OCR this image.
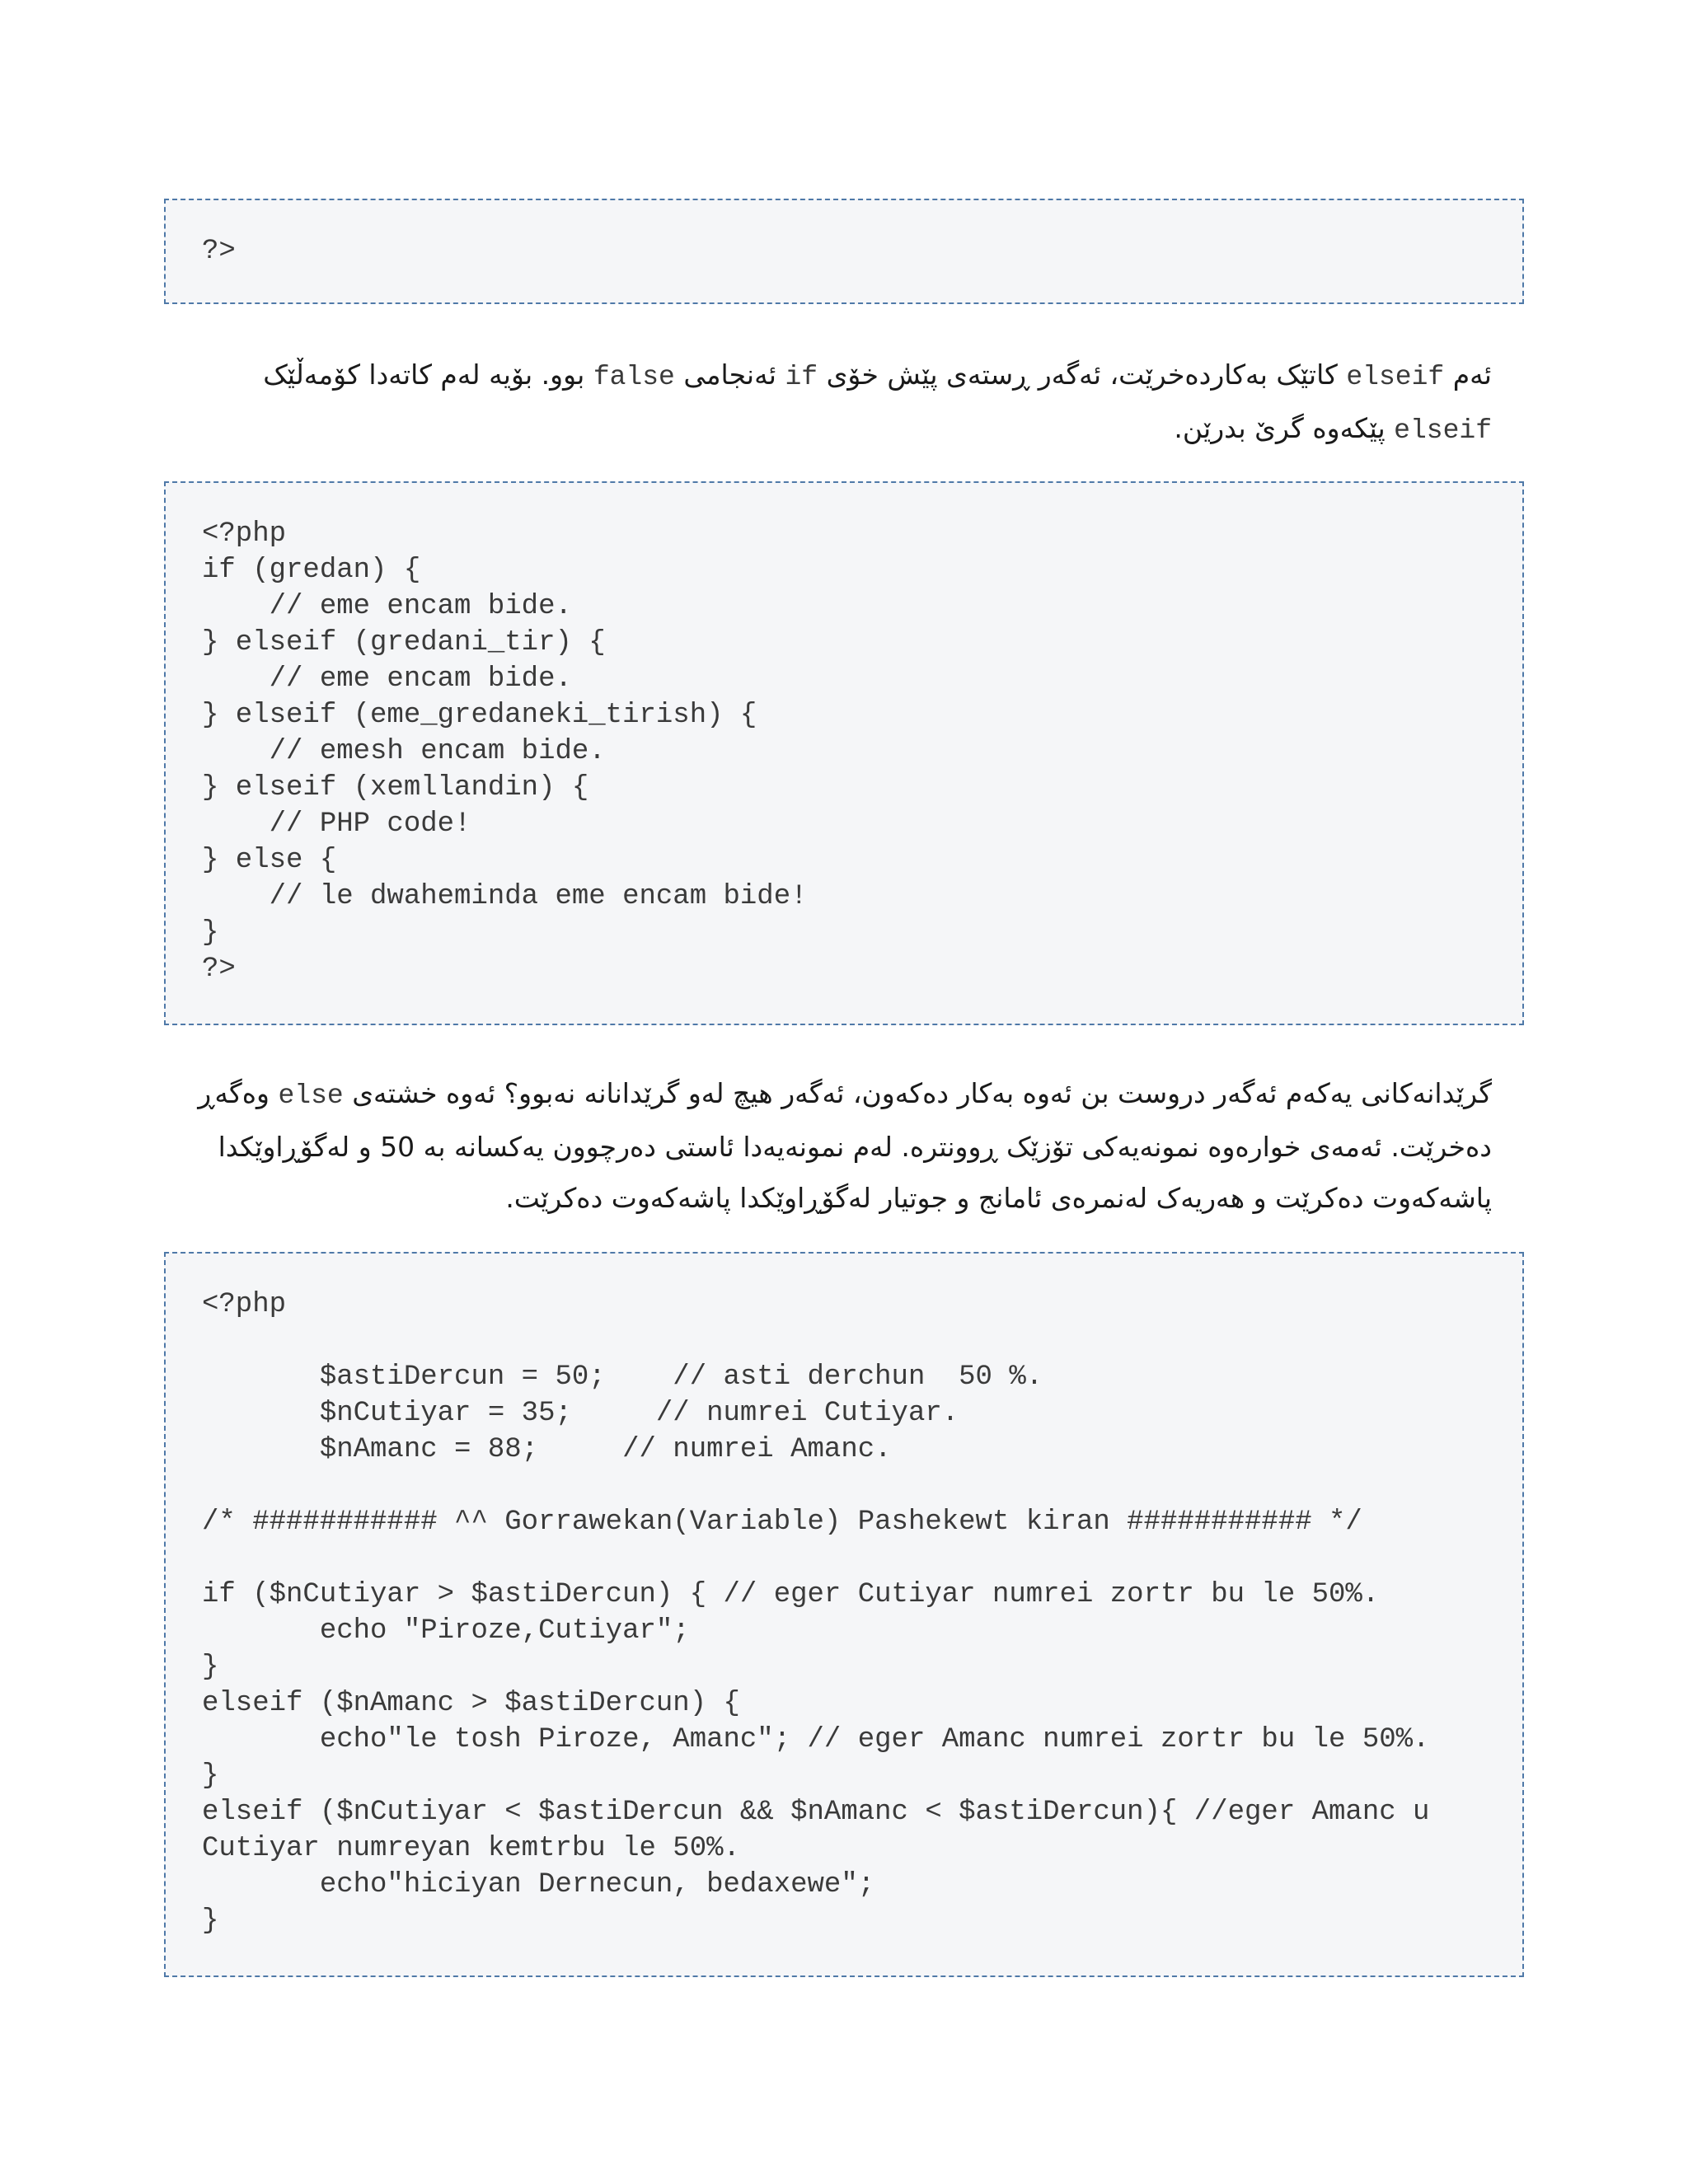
?>
ئەم elseif کاتێک بەکاردەخرێت، ئەگەر ڕستەی پێش خۆی if ئەنجامی false بوو. بۆیە لەم کاتەدا کۆمەڵێک
elseif پێکەوە گرێ بدرێن.
<?php
if (gredan) {
// eme encam bide.
} elseif (gredani_tir) {
// eme encam bide.
} elseif (eme_gredaneki_tirish) {
// emesh encam bide.
} elseif (xemllandin) {
// PHP code!
} else {
// le dwaheminda eme encam bide!
}
?>
گرێدانەکانی یەکەم ئەگەر دروست بن ئەوە بەکار دەکەون، ئەگەر هیچ لەو گرێدانانە نەبوو؟ ئەوە خشتەی else وەگەڕ
دەخرێت. ئەمەی خوارەوە نمونەیەکی تۆزێک ڕوونترە. لەم نمونەیەدا ئاستی دەرچوون یەکسانە بە 50 و لەگۆڕاوێکدا
پاشەکەوت دەکرێت و هەریەک لەنمرەی ئامانج و جوتیار لەگۆڕاوێکدا پاشەکەوت دەکرێت.
<?php
$astiDercun = 50;    // asti derchun  50 %.
$nCutiyar = 35;     // numrei Cutiyar.
$nAmanc = 88;     // numrei Amanc.
/* ########### ^^ Gorrawekan(Variable) Pashekewt kiran ########### */
if ($nCutiyar > $astiDercun) { // eger Cutiyar numrei zortr bu le 50%.
echo "Piroze,Cutiyar";
}
elseif ($nAmanc > $astiDercun) {
echo"le tosh Piroze, Amanc"; // eger Amanc numrei zortr bu le 50%.
}
elseif ($nCutiyar < $astiDercun && $nAmanc < $astiDercun){ //eger Amanc u
Cutiyar numreyan kemtrbu le 50%.
echo"hiciyan Dernecun, bedaxewe";
}
